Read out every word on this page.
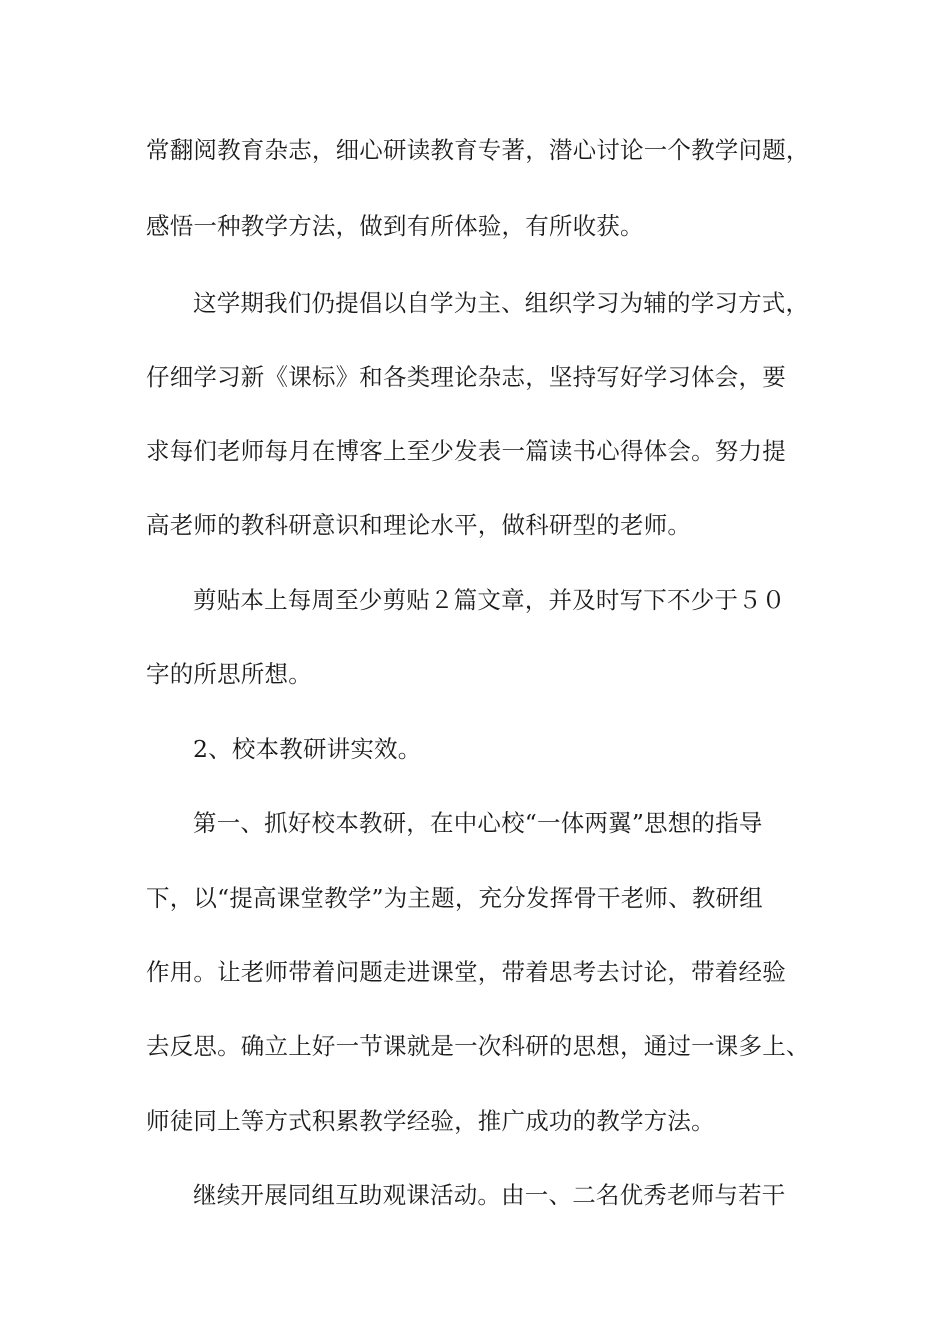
常翻阅教育杂志，细心研读教育专著，潜心讨论一个教学问题，
感悟一种教学方法，做到有所体验，有所收获。
这学期我们仍提倡以自学为主、组织学习为辅的学习方式，
仔细学习新《课标》和各类理论杂志，坚持写好学习体会，要
求每们老师每月在博客上至少发表一篇读书心得体会。努力提
高老师的教科研意识和理论水平，做科研型的老师。
剪贴本上每周至少剪贴２篇文章，并及时写下不少于５０
字的所思所想。
2、校本教研讲实效。
第一、抓好校本教研，在中心校“一体两翼”思想的指导
下，以“提高课堂教学”为主题，充分发挥骨干老师、教研组
作用。让老师带着问题走进课堂，带着思考去讨论，带着经验
去反思。确立上好一节课就是一次科研的思想，通过一课多上、
师徒同上等方式积累教学经验，推广成功的教学方法。
继续开展同组互助观课活动。由一、二名优秀老师与若干
